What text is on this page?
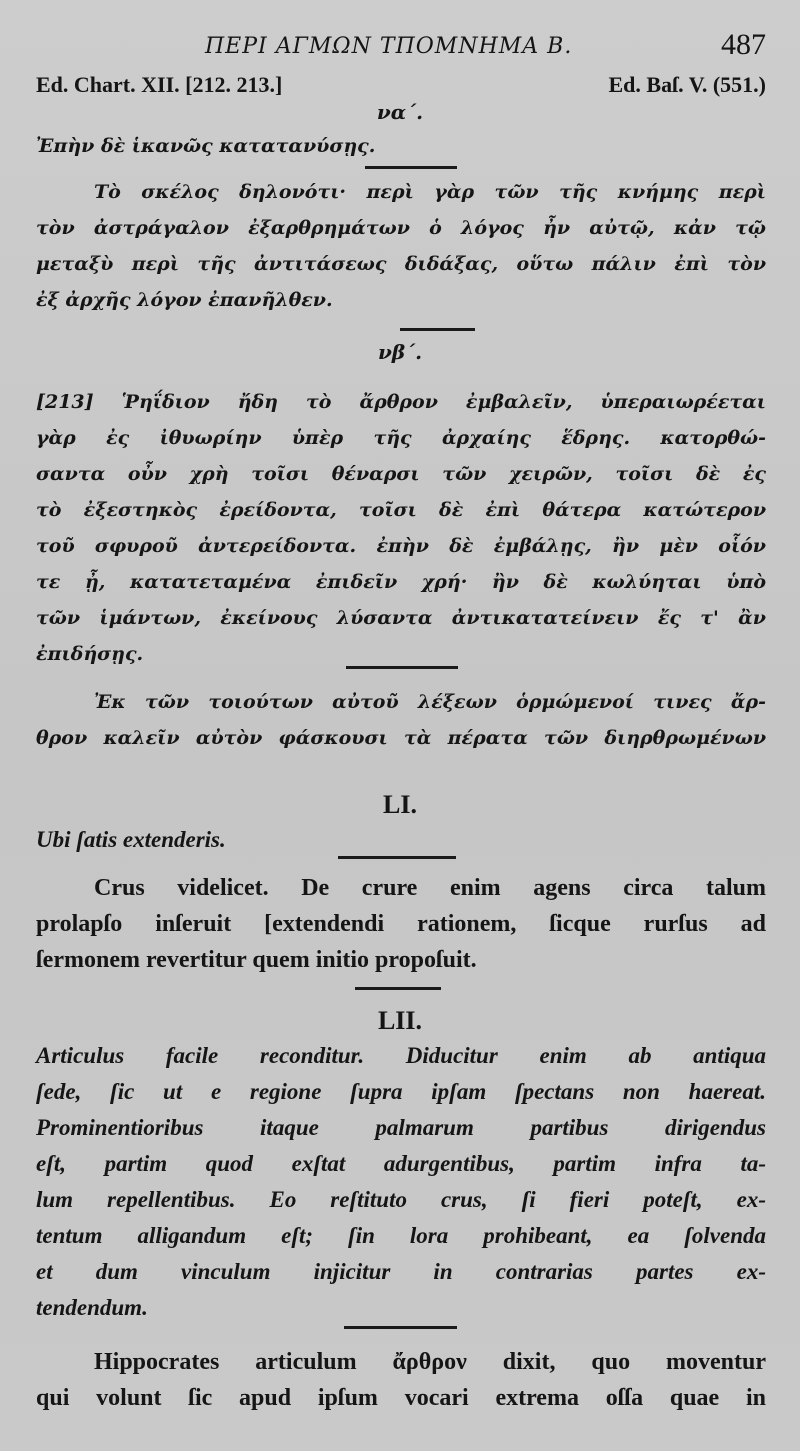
ΠΕΡΙ ΑΓΜΩΝ ΤΠΟΜΝΗΜΑ Β.	487
Ed. Chart. XII. [212. 213.]	Ed. Baſ. V. (551.)
να΄.
Ἐπὴν δὲ ἱκανῶς κατατανύσῃς.
Τὸ σκέλος δηλονότι· περὶ γὰρ τῶν τῆς κνήμης περὶ
τὸν ἀστράγαλον ἐξαρθρημάτων ὁ λόγος ἦν αὐτῷ, κἀν τῷ
μεταξὺ περὶ τῆς ἀντιτάσεως διδάξας, οὕτω πάλιν ἐπὶ τὸν
ἐξ ἀρχῆς λόγον ἐπανῆλθεν.
νβ΄.
[213] Ῥηΐδιον ἤδη τὸ ἄρθρον ἐμβαλεῖν, ὑπεραιωρέεται
γὰρ ἐς ἰθυωρίην ὑπὲρ τῆς ἀρχαίης ἕδρης. κατορθώ-
σαντα οὖν χρὴ τοῖσι θέναρσι τῶν χειρῶν, τοῖσι δὲ ἐς
τὸ ἐξεστηκὸς ἐρείδοντα, τοῖσι δὲ ἐπὶ θάτερα κατώτερον
τοῦ σφυροῦ ἀντερείδοντα. ἐπὴν δὲ ἐμβάλῃς, ἢν μὲν οἷόν
τε ᾖ, κατατεταμένα ἐπιδεῖν χρή· ἢν δὲ κωλύηται ὑπὸ
τῶν ἱμάντων, ἐκείνους λύσαντα ἀντικατατείνειν ἔς τ' ἂν
ἐπιδήσῃς.
Ἐκ τῶν τοιούτων αὐτοῦ λέξεων ὁρμώμενοί τινες ἄρ-
θρον καλεῖν αὐτὸν φάσκουσι τὰ πέρατα τῶν διηρθρωμένων
LI.
Ubi ſatis extenderis.
Crus videlicet. De crure enim agens circa talum
prolapſo inſeruit [extendendi rationem, ſicque rurſus ad
ſermonem revertitur quem initio propoſuit.
LII.
Articulus facile reconditur. Diducitur enim ab antiqua
ſede, ſic ut e regione ſupra ipſam ſpectans non haereat.
Prominentioribus itaque palmarum partibus dirigendus
eſt, partim quod exſtat adurgentibus, partim infra ta-
lum repellentibus. Eo reſtituto crus, ſi fieri poteſt, ex-
tentum alligandum eſt; ſin lora prohibeant, ea ſolvenda
et dum vinculum injicitur in contrarias partes ex-
tendendum.
Hippocrates articulum ἄρθρον dixit, quo moventur
qui volunt ſic apud ipſum vocari extrema oſſa quae in
